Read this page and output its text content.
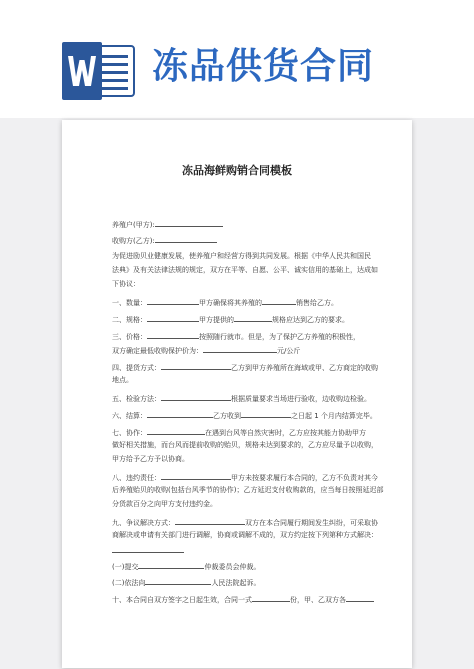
冻品供货合同
冻品海鲜购销合同模板
养殖户(甲方):
收购方(乙方):
为促进励贝业健康发展，使养殖户和经营方得到共同发展。根据《中华人民共和国民
法典》及有关法律法规的规定，双方在平等、自愿、公平、诚实信用的基础上，达成如
下协议：
一、数量：	甲方确保将其养殖的	销售给乙方。
二、规格：	甲方提供的	规格应达到乙方的要求。
三、价格：	按照随行就市。但是，为了保护乙方养殖的积极性，
双方确定最低收购保护价为：	元/公斤
四、提货方式：	乙方到甲方养殖所在海域或甲、乙方商定的收购
地点。
五、检验方法：	根据质量要求当场进行验收，边收购边检验。
六、结算：	乙方收到	之日起 1 个月内结算完毕。
七、协作：	在遇到台风等自然灾害时，乙方应按其能力协助甲方
做好相关措施，而台风而提前收购的贻贝，规格未达到要求的，乙方应尽量予以收购，
甲方给予乙方予以协商。
八、违约责任：	甲方未按要求履行本合同的，乙方不负责对其今
后养殖贻贝的收购(包括台风季节的协作)；乙方延迟支付收购款的，应当每日按照延迟部
分货款百分之向甲方支付违约金。
九、争议解决方式：	双方在本合同履行期间发生纠纷，可采取协
商解决或申请有关部门进行调解，协商或调解不成的，双方约定按下列第种方式解决：
(一)提交	仲裁委员会仲裁。
(二)依法向	人民法院起诉。
十、本合同自双方签字之日起生效，合同一式	份，甲、乙双方各
